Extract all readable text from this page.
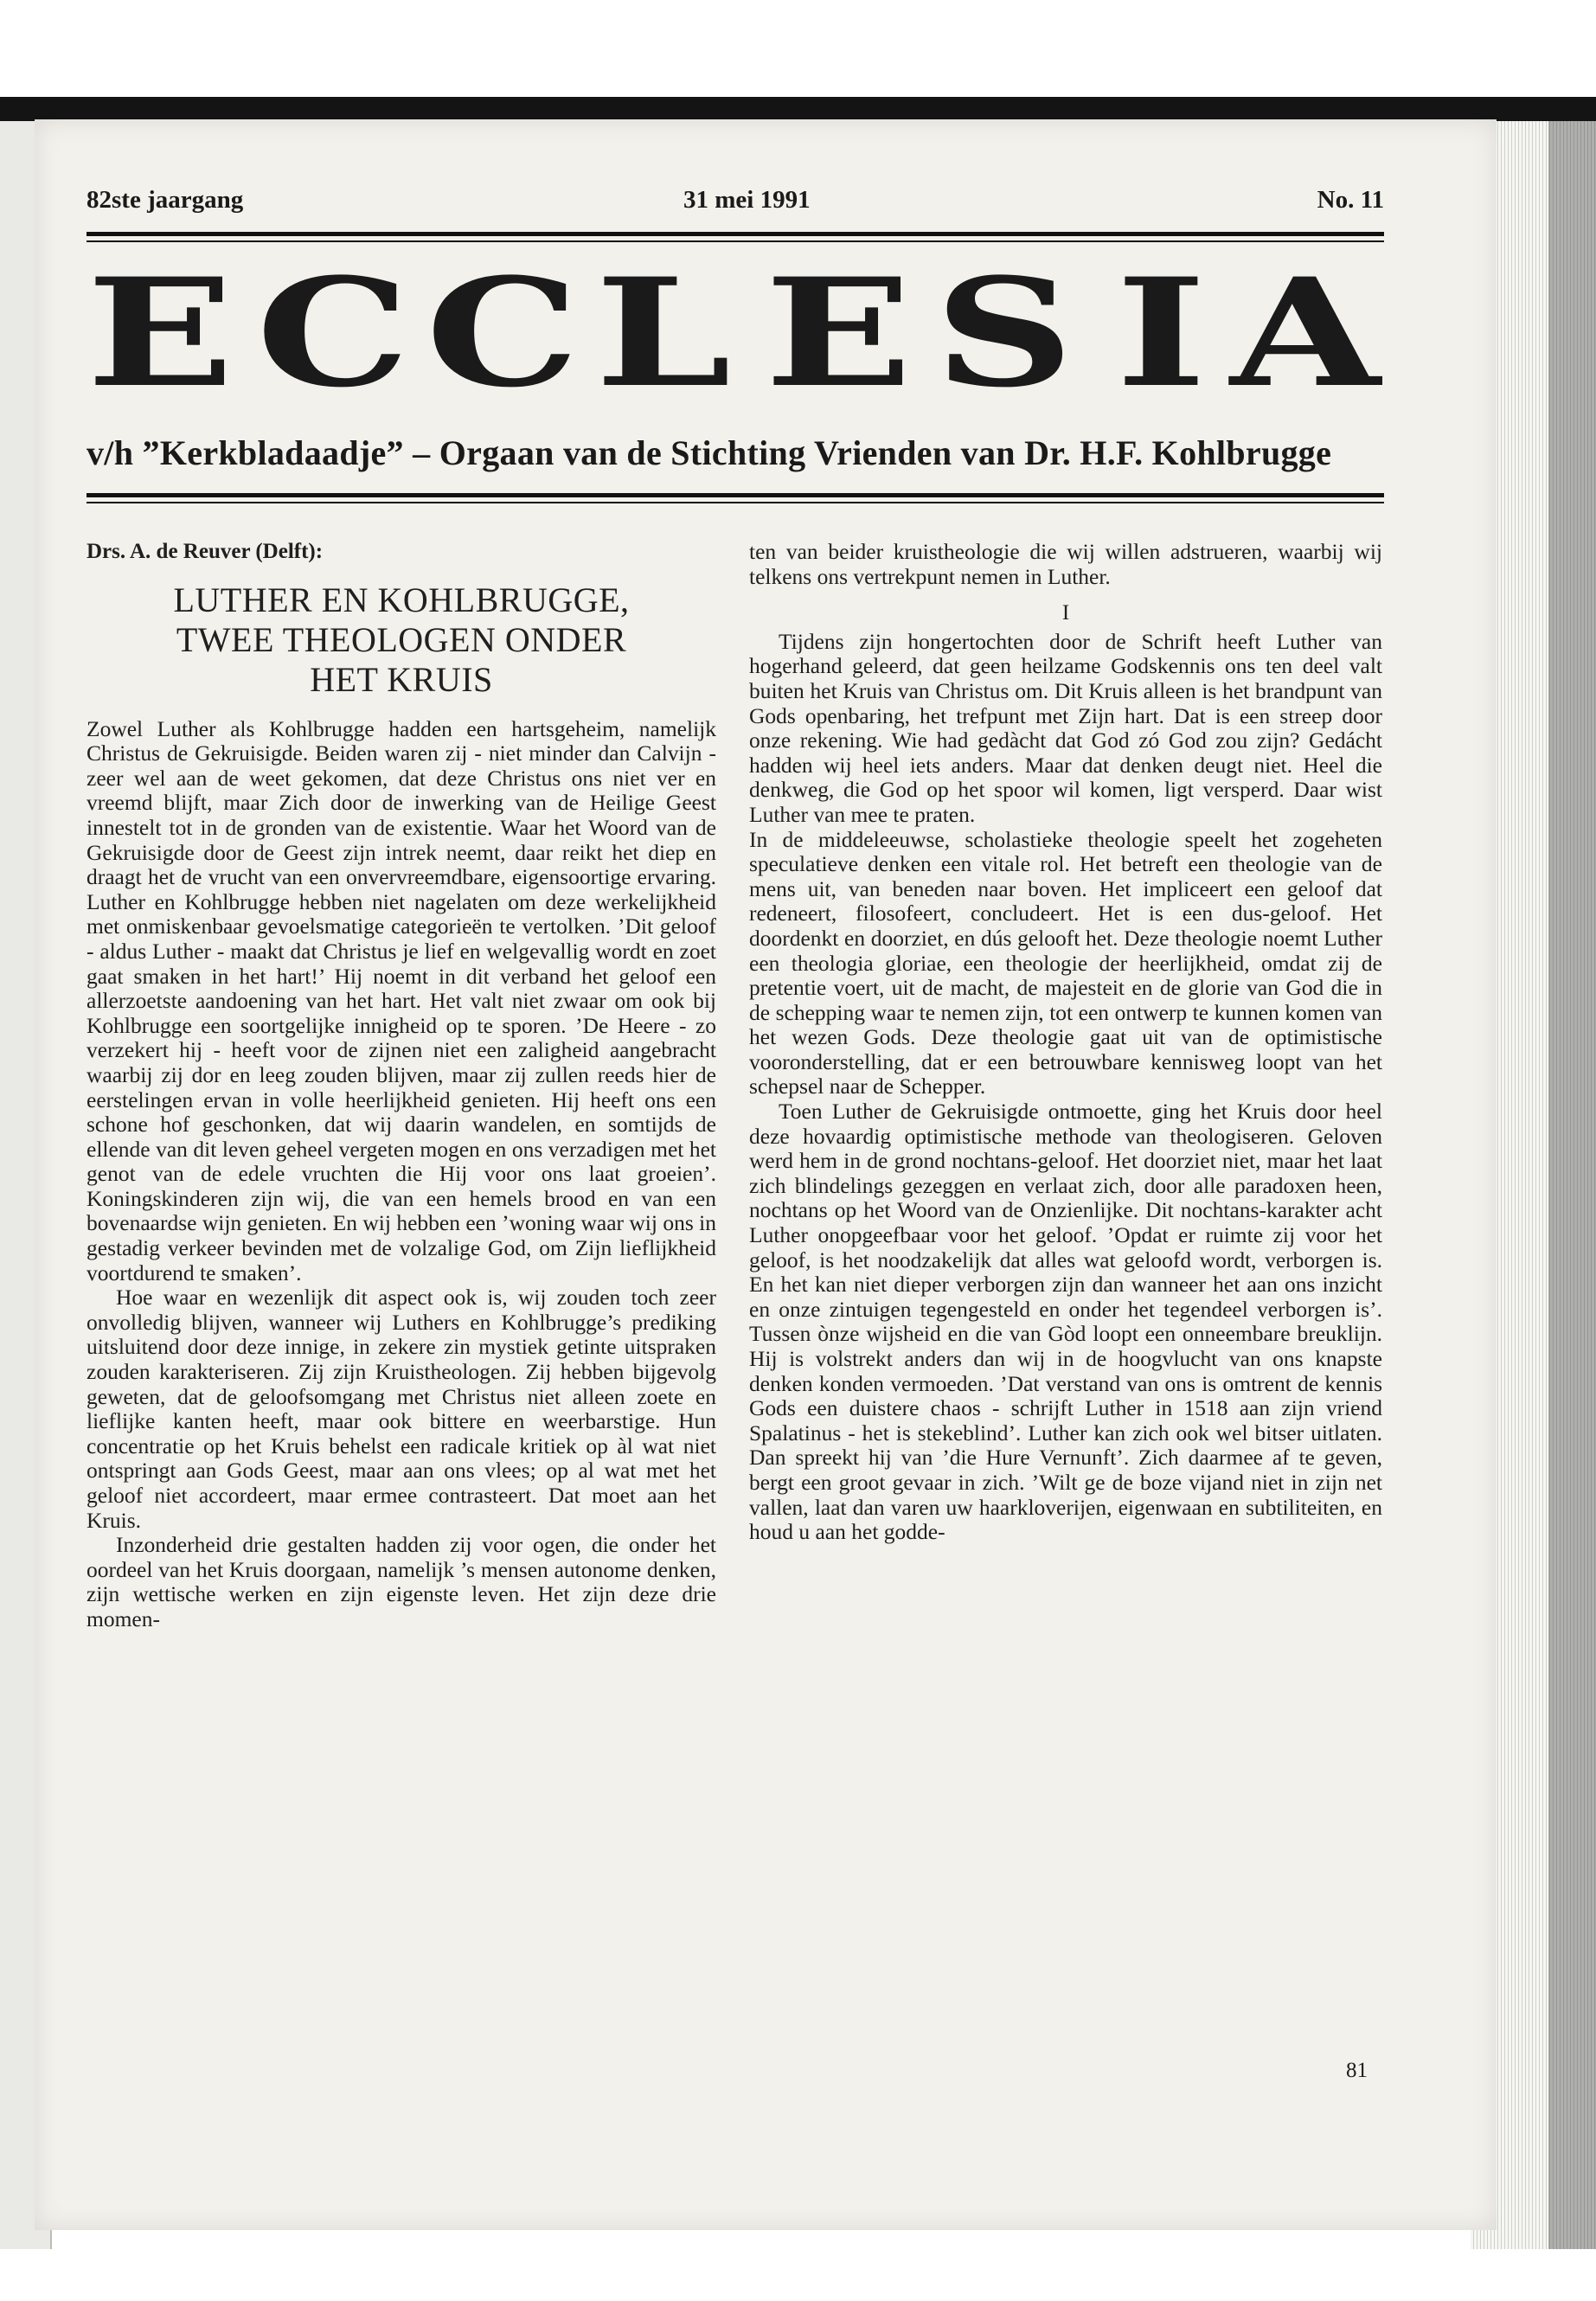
82ste jaargang	31 mei 1991	No. 11
E C C L E S I A
v/h ”Kerkbladaadje” – Orgaan van de Stichting Vrienden van Dr. H.F. Kohlbrugge
Drs. A. de Reuver (Delft):
LUTHER EN KOHLBRUGGE,
TWEE THEOLOGEN ONDER
HET KRUIS

Zowel Luther als Kohlbrugge hadden een hartsgeheim, namelijk Christus de Gekruisigde. Beiden waren zij - niet minder dan Calvijn - zeer wel aan de weet gekomen, dat deze Christus ons niet ver en vreemd blijft, maar Zich door de inwerking van de Heilige Geest innestelt tot in de gronden van de existentie. Waar het Woord van de Gekruisigde door de Geest zijn intrek neemt, daar reikt het diep en draagt het de vrucht van een onvervreemdbare, eigensoortige ervaring. Luther en Kohlbrugge hebben niet nagelaten om deze werkelijkheid met onmiskenbaar gevoelsmatige categorieën te vertolken. ’Dit geloof - aldus Luther - maakt dat Christus je lief en welgevallig wordt en zoet gaat smaken in het hart!’ Hij noemt in dit verband het geloof een allerzoetste aandoening van het hart. Het valt niet zwaar om ook bij Kohlbrugge een soortgelijke innigheid op te sporen. ’De Heere - zo verzekert hij - heeft voor de zijnen niet een zaligheid aangebracht waarbij zij dor en leeg zouden blijven, maar zij zullen reeds hier de eerstelingen ervan in volle heerlijkheid genieten. Hij heeft ons een schone hof geschonken, dat wij daarin wandelen, en somtijds de ellende van dit leven geheel vergeten mogen en ons verzadigen met het genot van de edele vruchten die Hij voor ons laat groeien’. Koningskinderen zijn wij, die van een hemels brood en van een bovenaardse wijn genieten. En wij hebben een ’woning waar wij ons in gestadig verkeer bevinden met de volzalige God, om Zijn lieflijkheid voortdurend te smaken’.

Hoe waar en wezenlijk dit aspect ook is, wij zouden toch zeer onvolledig blijven, wanneer wij Luthers en Kohlbrugge’s prediking uitsluitend door deze innige, in zekere zin mystiek getinte uitspraken zouden karakteriseren. Zij zijn Kruistheologen. Zij hebben bijgevolg geweten, dat de geloofsomgang met Christus niet alleen zoete en lieflijke kanten heeft, maar ook bittere en weerbarstige. Hun concentratie op het Kruis behelst een radicale kritiek op àl wat niet ontspringt aan Gods Geest, maar aan ons vlees; op al wat met het geloof niet accordeert, maar ermee contrasteert. Dat moet aan het Kruis.

Inzonderheid drie gestalten hadden zij voor ogen, die onder het oordeel van het Kruis doorgaan, namelijk ’s mensen autonome denken, zijn wettische werken en zijn eigenste leven. Het zijn deze drie momen-

ten van beider kruistheologie die wij willen adstrueren, waarbij wij telkens ons vertrekpunt nemen in Luther.

I

Tijdens zijn hongertochten door de Schrift heeft Luther van hogerhand geleerd, dat geen heilzame Godskennis ons ten deel valt buiten het Kruis van Christus om. Dit Kruis alleen is het brandpunt van Gods openbaring, het trefpunt met Zijn hart. Dat is een streep door onze rekening. Wie had gedàcht dat God zó God zou zijn? Gedácht hadden wij heel iets anders. Maar dat denken deugt niet. Heel die denkweg, die God op het spoor wil komen, ligt versperd. Daar wist Luther van mee te praten.

In de middeleeuwse, scholastieke theologie speelt het zogeheten speculatieve denken een vitale rol. Het betreft een theologie van de mens uit, van beneden naar boven. Het impliceert een geloof dat redeneert, filosofeert, concludeert. Het is een dus-geloof. Het doordenkt en doorziet, en dús gelooft het. Deze theologie noemt Luther een theologia gloriae, een theologie der heerlijkheid, omdat zij de pretentie voert, uit de macht, de majesteit en de glorie van God die in de schepping waar te nemen zijn, tot een ontwerp te kunnen komen van het wezen Gods. Deze theologie gaat uit van de optimistische vooronderstelling, dat er een betrouwbare kennisweg loopt van het schepsel naar de Schepper.

Toen Luther de Gekruisigde ontmoette, ging het Kruis door heel deze hovaardig optimistische methode van theologiseren. Geloven werd hem in de grond nochtans-geloof. Het doorziet niet, maar het laat zich blindelings gezeggen en verlaat zich, door alle paradoxen heen, nochtans op het Woord van de Onzienlijke. Dit nochtans-karakter acht Luther onopgeefbaar voor het geloof. ’Opdat er ruimte zij voor het geloof, is het noodzakelijk dat alles wat geloofd wordt, verborgen is. En het kan niet dieper verborgen zijn dan wanneer het aan ons inzicht en onze zintuigen tegengesteld en onder het tegendeel verborgen is’. Tussen ònze wijsheid en die van Gòd loopt een onneembare breuklijn. Hij is volstrekt anders dan wij in de hoogvlucht van ons knapste denken konden vermoeden. ’Dat verstand van ons is omtrent de kennis Gods een duistere chaos - schrijft Luther in 1518 aan zijn vriend Spalatinus - het is stekeblind’. Luther kan zich ook wel bitser uitlaten. Dan spreekt hij van ’die Hure Vernunft’. Zich daarmee af te geven, bergt een groot gevaar in zich. ’Wilt ge de boze vijand niet in zijn net vallen, laat dan varen uw haarkloverijen, eigenwaan en subtiliteiten, en houd u aan het godde-

81
